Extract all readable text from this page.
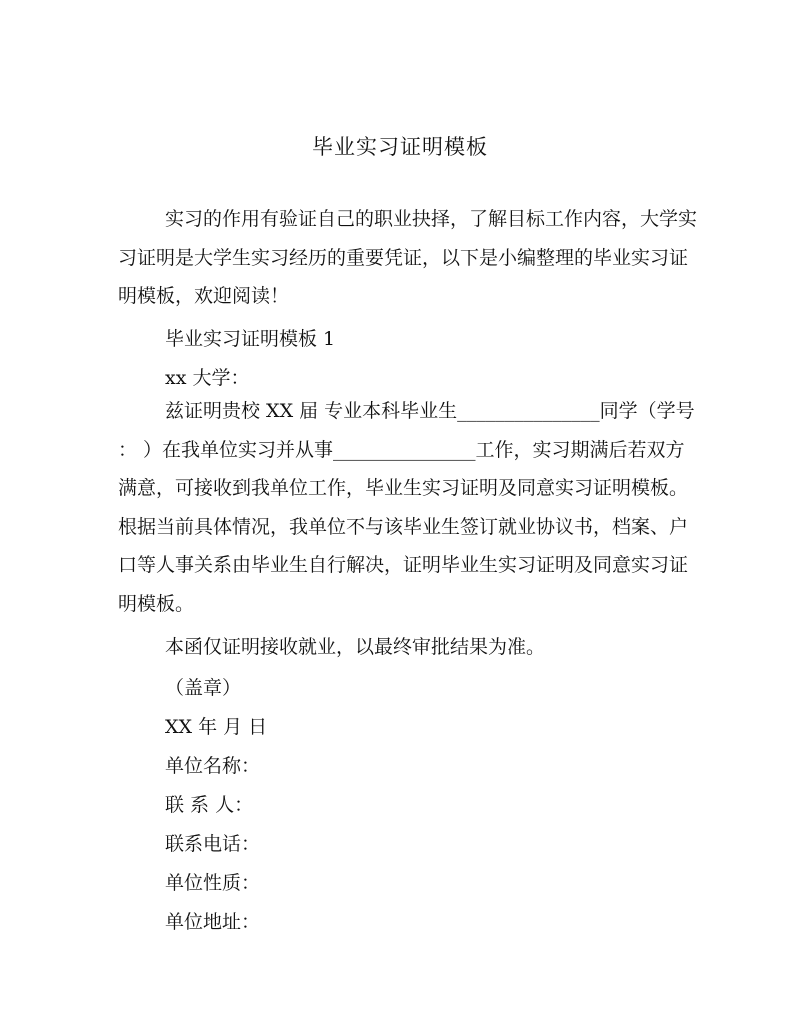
毕业实习证明模板
实习的作用有验证自己的职业抉择，了解目标工作内容，大学实
习证明是大学生实习经历的重要凭证，以下是小编整理的毕业实习证
明模板，欢迎阅读！
毕业实习证明模板 1
xx 大学：
兹证明贵校 XX 届 专业本科毕业生_______________同学（学号
： ）在我单位实习并从事_______________工作，实习期满后若双方
满意，可接收到我单位工作，毕业生实习证明及同意实习证明模板。
根据当前具体情况，我单位不与该毕业生签订就业协议书，档案、户
口等人事关系由毕业生自行解决，证明毕业生实习证明及同意实习证
明模板。
本函仅证明接收就业，以最终审批结果为准。
（盖章）
XX 年 月 日
单位名称：
联 系 人：
联系电话：
单位性质：
单位地址：
